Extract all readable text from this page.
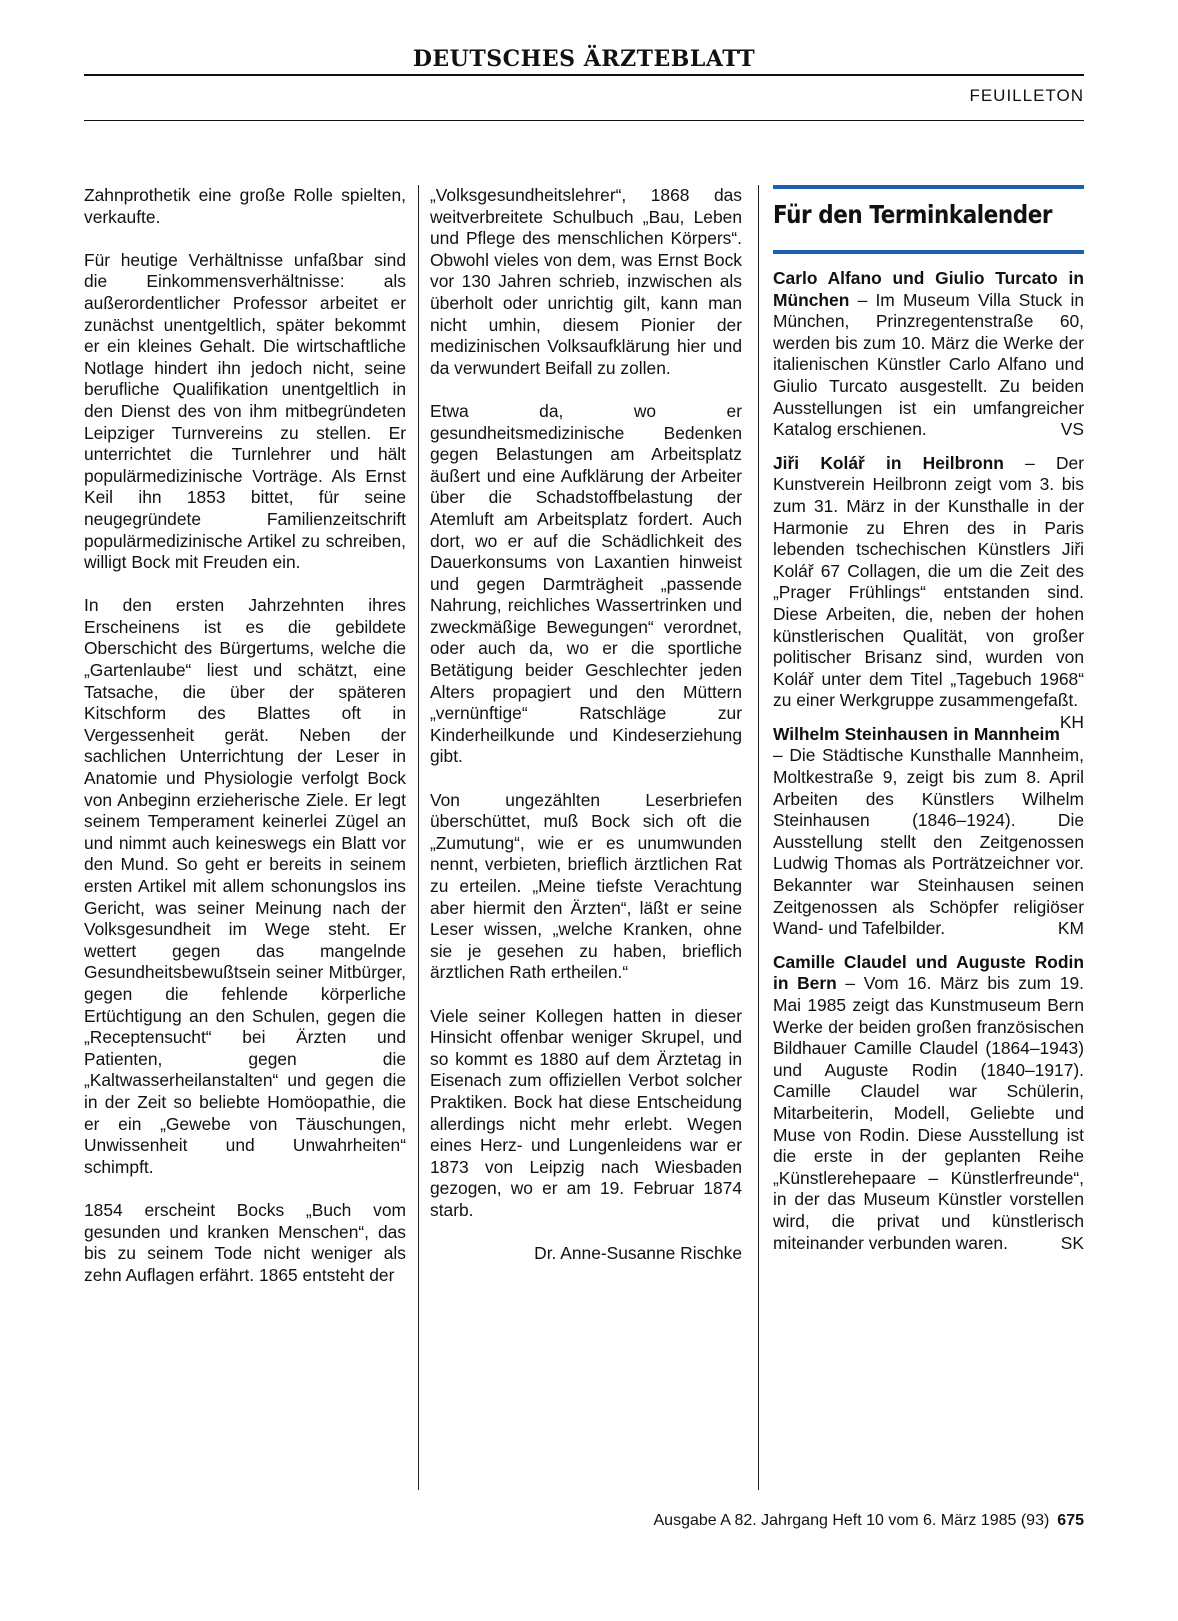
DEUTSCHES ÄRZTEBLATT
FEUILLETON

Zahnprothetik eine große Rolle spielten, verkaufte.

Für heutige Verhältnisse unfaßbar sind die Einkommensverhältnisse: als außerordentlicher Professor arbeitet er zunächst unentgeltlich, später bekommt er ein kleines Gehalt. Die wirtschaftliche Notlage hindert ihn jedoch nicht, seine berufliche Qualifikation unentgeltlich in den Dienst des von ihm mitbegründeten Leipziger Turnvereins zu stellen. Er unterrichtet die Turnlehrer und hält populärmedizinische Vorträge. Als Ernst Keil ihn 1853 bittet, für seine neugegründete Familienzeitschrift populärmedizinische Artikel zu schreiben, willigt Bock mit Freuden ein.

In den ersten Jahrzehnten ihres Erscheinens ist es die gebildete Oberschicht des Bürgertums, welche die „Gartenlaube“ liest und schätzt, eine Tatsache, die über der späteren Kitschform des Blattes oft in Vergessenheit gerät. Neben der sachlichen Unterrichtung der Leser in Anatomie und Physiologie verfolgt Bock von Anbeginn erzieherische Ziele. Er legt seinem Temperament keinerlei Zügel an und nimmt auch keineswegs ein Blatt vor den Mund. So geht er bereits in seinem ersten Artikel mit allem schonungslos ins Gericht, was seiner Meinung nach der Volksgesundheit im Wege steht. Er wettert gegen das mangelnde Gesundheitsbewußtsein seiner Mitbürger, gegen die fehlende körperliche Ertüchtigung an den Schulen, gegen die „Receptensucht“ bei Ärzten und Patienten, gegen die „Kaltwasserheilanstalten“ und gegen die in der Zeit so beliebte Homöopathie, die er ein „Gewebe von Täuschungen, Unwissenheit und Unwahrheiten“ schimpft.

1854 erscheint Bocks „Buch vom gesunden und kranken Menschen“, das bis zu seinem Tode nicht weniger als zehn Auflagen erfährt. 1865 entsteht der

„Volksgesundheitslehrer“, 1868 das weitverbreitete Schulbuch „Bau, Leben und Pflege des menschlichen Körpers“. Obwohl vieles von dem, was Ernst Bock vor 130 Jahren schrieb, inzwischen als überholt oder unrichtig gilt, kann man nicht umhin, diesem Pionier der medizinischen Volksaufklärung hier und da verwundert Beifall zu zollen.

Etwa da, wo er gesundheitsmedizinische Bedenken gegen Belastungen am Arbeitsplatz äußert und eine Aufklärung der Arbeiter über die Schadstoffbelastung der Atemluft am Arbeitsplatz fordert. Auch dort, wo er auf die Schädlichkeit des Dauerkonsums von Laxantien hinweist und gegen Darmträgheit „passende Nahrung, reichliches Wassertrinken und zweckmäßige Bewegungen“ verordnet, oder auch da, wo er die sportliche Betätigung beider Geschlechter jeden Alters propagiert und den Müttern „vernünftige“ Ratschläge zur Kinderheilkunde und Kindeserziehung gibt.

Von ungezählten Leserbriefen überschüttet, muß Bock sich oft die „Zumutung“, wie er es unumwunden nennt, verbieten, brieflich ärztlichen Rat zu erteilen. „Meine tiefste Verachtung aber hiermit den Ärzten“, läßt er seine Leser wissen, „welche Kranken, ohne sie je gesehen zu haben, brieflich ärztlichen Rath ertheilen.“

Viele seiner Kollegen hatten in dieser Hinsicht offenbar weniger Skrupel, und so kommt es 1880 auf dem Ärztetag in Eisenach zum offiziellen Verbot solcher Praktiken. Bock hat diese Entscheidung allerdings nicht mehr erlebt. Wegen eines Herz- und Lungenleidens war er 1873 von Leipzig nach Wiesbaden gezogen, wo er am 19. Februar 1874 starb.

Dr. Anne-Susanne Rischke

Für den Terminkalender

Carlo Alfano und Giulio Turcato in München – Im Museum Villa Stuck in München, Prinzregentenstraße 60, werden bis zum 10. März die Werke der italienischen Künstler Carlo Alfano und Giulio Turcato ausgestellt. Zu beiden Ausstellungen ist ein umfangreicher Katalog erschienen.	VS

Jiři Kolář in Heilbronn – Der Kunstverein Heilbronn zeigt vom 3. bis zum 31. März in der Kunsthalle in der Harmonie zu Ehren des in Paris lebenden tschechischen Künstlers Jiři Kolář 67 Collagen, die um die Zeit des „Prager Frühlings“ entstanden sind. Diese Arbeiten, die, neben der hohen künstlerischen Qualität, von großer politischer Brisanz sind, wurden von Kolář unter dem Titel „Tagebuch 1968“ zu einer Werkgruppe zusammengefaßt.
KH

Wilhelm Steinhausen in Mannheim – Die Städtische Kunsthalle Mannheim, Moltkestraße 9, zeigt bis zum 8. April Arbeiten des Künstlers Wilhelm Steinhausen (1846–1924). Die Ausstellung stellt den Zeitgenossen Ludwig Thomas als Porträtzeichner vor. Bekannter war Steinhausen seinen Zeitgenossen als Schöpfer religiöser Wand- und Tafelbilder.	KM

Camille Claudel und Auguste Rodin in Bern – Vom 16. März bis zum 19. Mai 1985 zeigt das Kunstmuseum Bern Werke der beiden großen französischen Bildhauer Camille Claudel (1864–1943) und Auguste Rodin (1840–1917). Camille Claudel war Schülerin, Mitarbeiterin, Modell, Geliebte und Muse von Rodin. Diese Ausstellung ist die erste in der geplanten Reihe „Künstlerehepaare – Künstlerfreunde“, in der das Museum Künstler vorstellen wird, die privat und künstlerisch miteinander verbunden waren.	SK

Ausgabe A 82. Jahrgang Heft 10 vom 6. März 1985 (93) 675
